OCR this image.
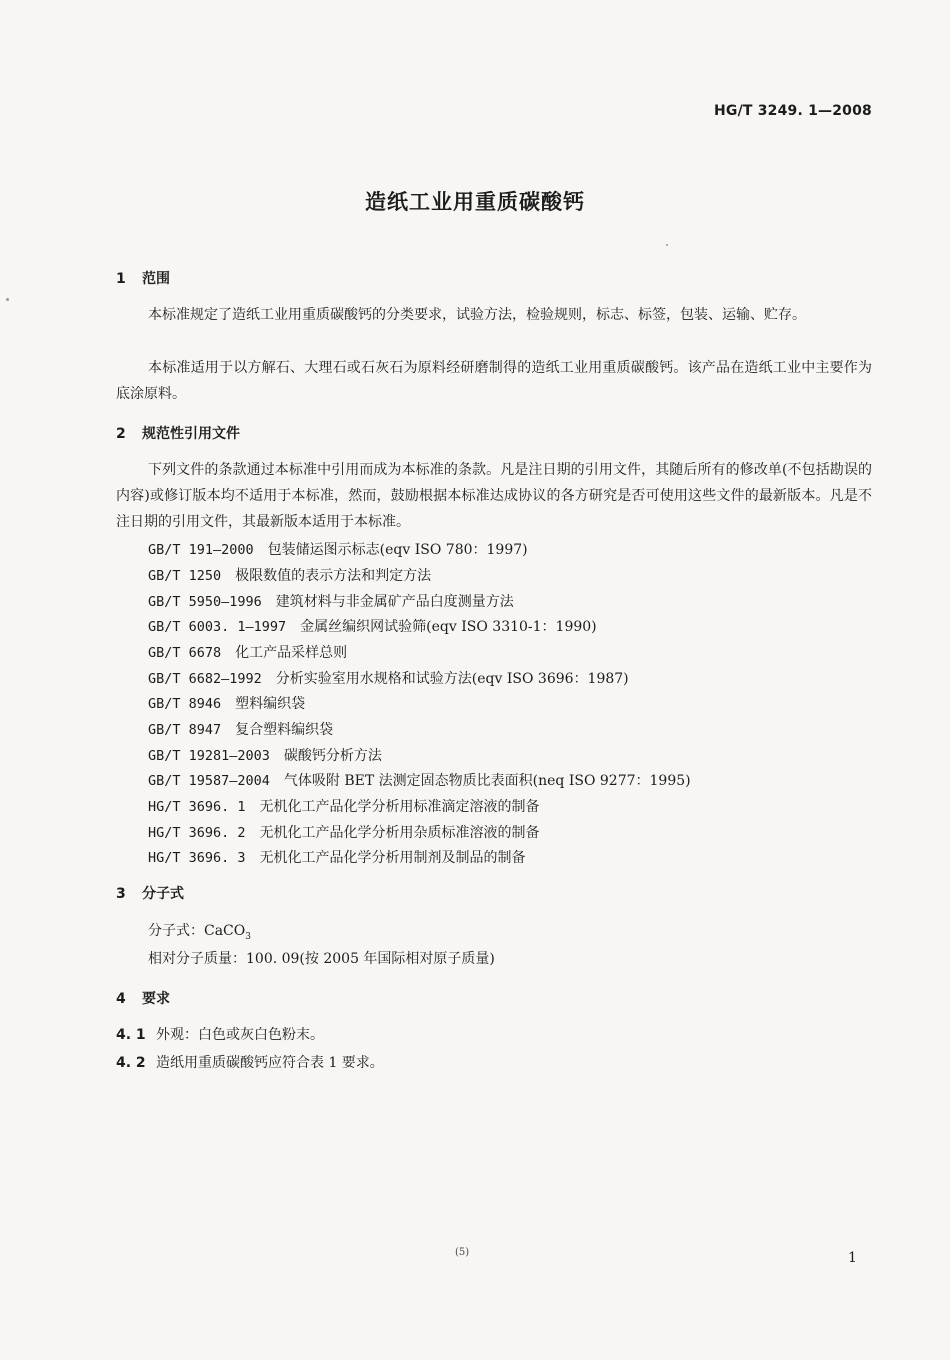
HG/T 3249. 1—2008
造纸工业用重质碳酸钙
1 范围
本标准规定了造纸工业用重质碳酸钙的分类要求，试验方法，检验规则，标志、标签，包装、运输、贮存。
本标准适用于以方解石、大理石或石灰石为原料经研磨制得的造纸工业用重质碳酸钙。该产品在造纸工业中主要作为底涂原料。
2 规范性引用文件
下列文件的条款通过本标准中引用而成为本标准的条款。凡是注日期的引用文件，其随后所有的修改单(不包括勘误的内容)或修订版本均不适用于本标准，然而，鼓励根据本标准达成协议的各方研究是否可使用这些文件的最新版本。凡是不注日期的引用文件，其最新版本适用于本标准。
GB/T 191—2000 包装储运图示标志(eqv ISO 780：1997)
GB/T 1250 极限数值的表示方法和判定方法
GB/T 5950—1996 建筑材料与非金属矿产品白度测量方法
GB/T 6003. 1—1997 金属丝编织网试验筛(eqv ISO 3310-1：1990)
GB/T 6678 化工产品采样总则
GB/T 6682—1992 分析实验室用水规格和试验方法(eqv ISO 3696：1987)
GB/T 8946 塑料编织袋
GB/T 8947 复合塑料编织袋
GB/T 19281—2003 碳酸钙分析方法
GB/T 19587—2004 气体吸附 BET 法测定固态物质比表面积(neq ISO 9277：1995)
HG/T 3696. 1 无机化工产品化学分析用标准滴定溶液的制备
HG/T 3696. 2 无机化工产品化学分析用杂质标准溶液的制备
HG/T 3696. 3 无机化工产品化学分析用制剂及制品的制备
3 分子式
分子式：CaCO$_3$
相对分子质量：100. 09(按 2005 年国际相对原子质量)
4 要求
4. 1 外观：白色或灰白色粉末。
4. 2 造纸用重质碳酸钙应符合表 1 要求。
(5)	1
